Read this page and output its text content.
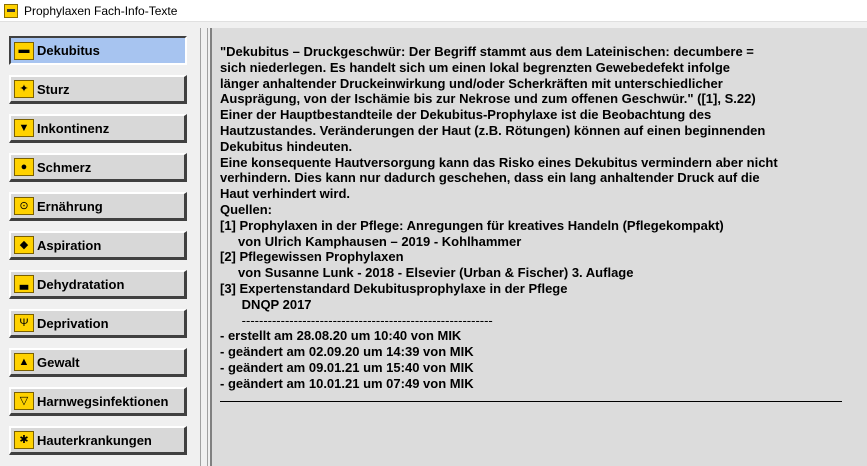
Prophylaxen Fach-Info-Texte
▬ Dekubitus
✦ Sturz
▼ Inkontinenz
● Schmerz
⊙ Ernährung
◆ Aspiration
▃ Dehydratation
Ψ Deprivation
▲ Gewalt
▽ Harnwegsinfektionen
✱ Hauterkrankungen
"Dekubitus – Druckgeschwür: Der Begriff stammt aus dem Lateinischen: decumbere =
sich niederlegen. Es handelt sich um einen lokal begrenzten Gewebedefekt infolge
länger anhaltender Druckeinwirkung und/oder Scherkräften mit unterschiedlicher
Ausprägung, von der Ischämie bis zur Nekrose und zum offenen Geschwür." ([1], S.22)
Einer der Hauptbestandteile der Dekubitus-Prophylaxe ist die Beobachtung des
Hautzustandes. Veränderungen der Haut (z.B. Rötungen) können auf einen beginnenden
Dekubitus hindeuten.
Eine konsequente Hautversorgung kann das Risko eines Dekubitus vermindern aber nicht
verhindern. Dies kann nur dadurch geschehen, dass ein lang anhaltender Druck auf die
Haut verhindert wird.
Quellen:
[1] Prophylaxen in der Pflege: Anregungen für kreatives Handeln (Pflegekompakt)
von Ulrich Kamphausen – 2019 - Kohlhammer
[2] Pflegewissen Prophylaxen
von Susanne Lunk - 2018 - Elsevier (Urban & Fischer) 3. Auflage
[3] Expertenstandard Dekubitusprophylaxe in der Pflege
DNQP 2017
----------------------------------------------------------
- erstellt am 28.08.20 um 10:40 von MIK
- geändert am 02.09.20 um 14:39 von MIK
- geändert am 09.01.21 um 15:40 von MIK
- geändert am 10.01.21 um 07:49 von MIK
